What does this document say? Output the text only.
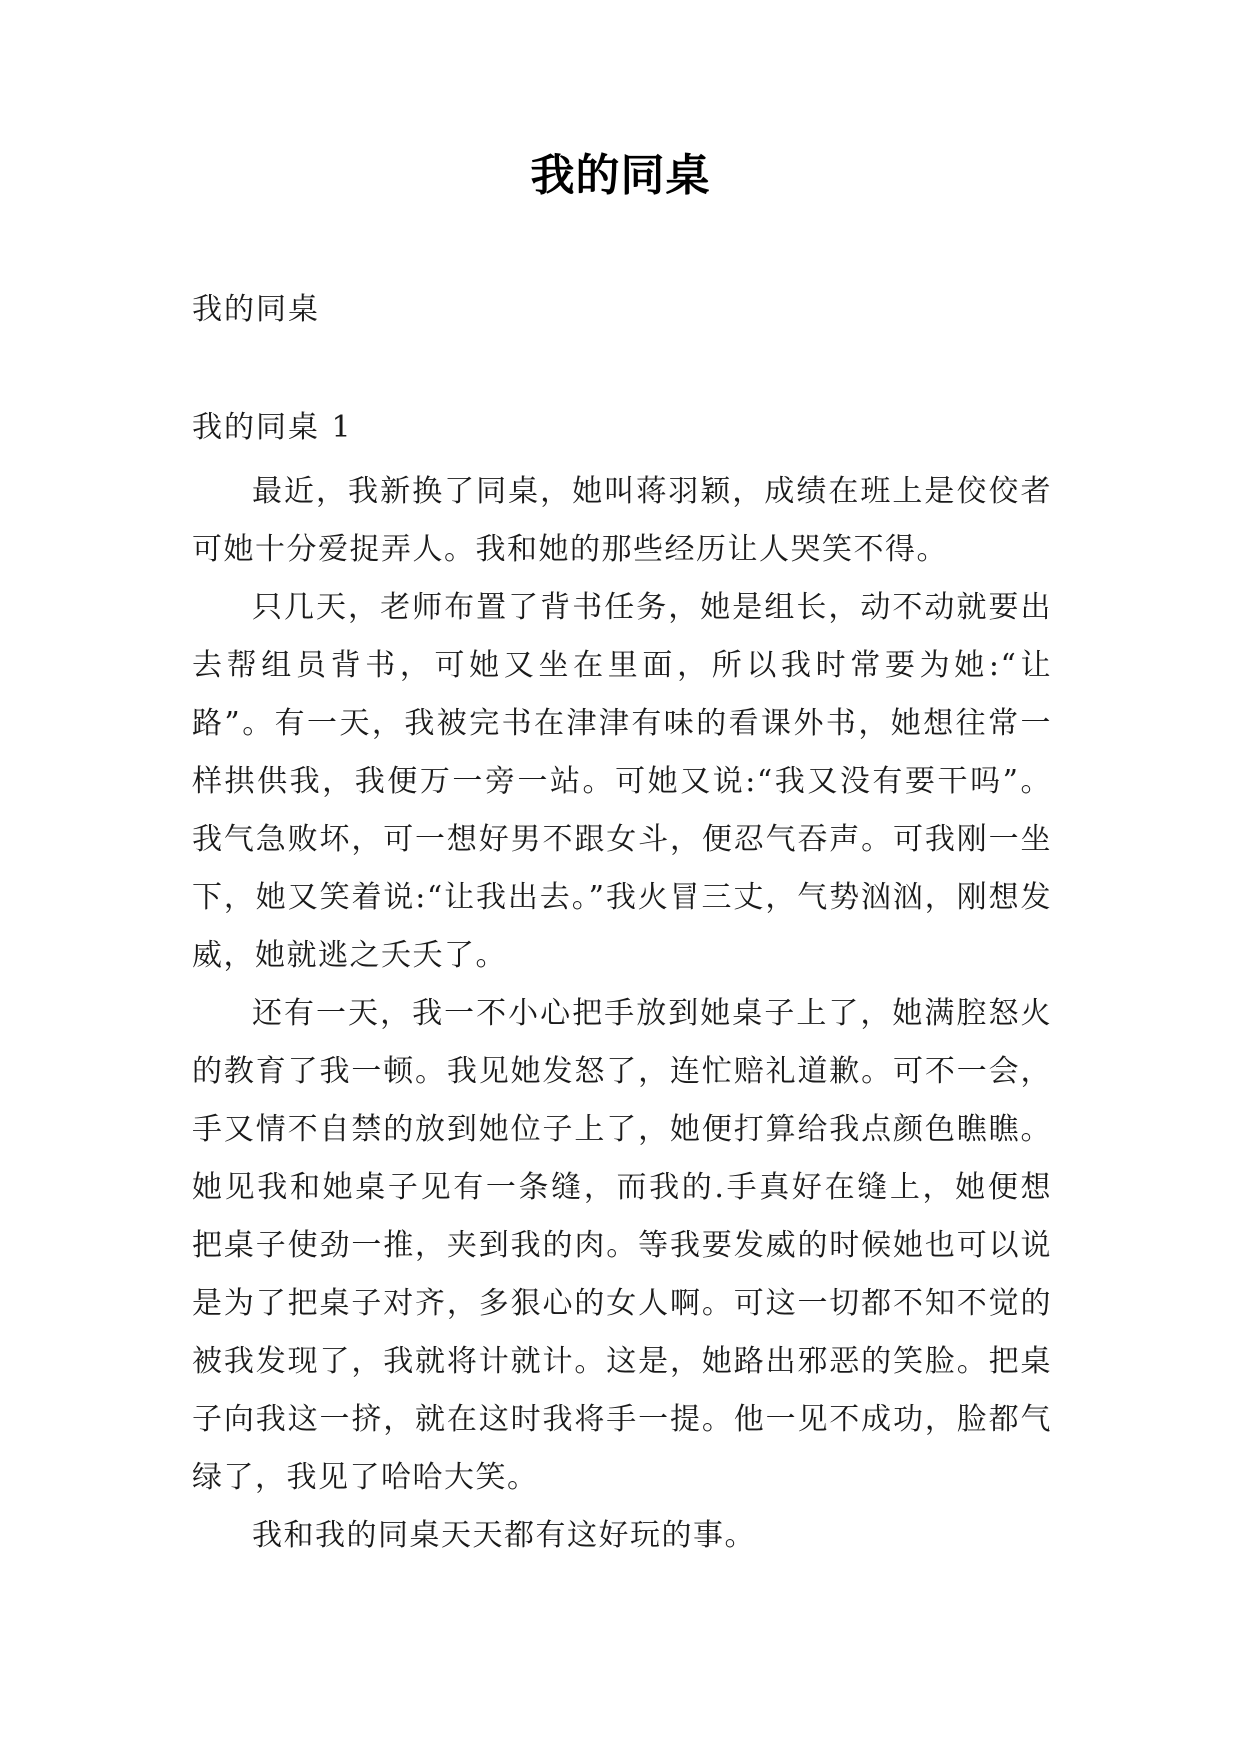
我的同桌

我的同桌

我的同桌 1

最近，我新换了同桌，她叫蒋羽颖，成绩在班上是佼佼者可她十分爱捉弄人。我和她的那些经历让人哭笑不得。

只几天，老师布置了背书任务，她是组长，动不动就要出去帮组员背书，可她又坐在里面，所以我时常要为她:“让路”。有一天，我被完书在津津有味的看课外书，她想往常一样拱供我，我便万一旁一站。可她又说:“我又没有要干吗”。我气急败坏，可一想好男不跟女斗，便忍气吞声。可我刚一坐下，她又笑着说:“让我出去。”我火冒三丈，气势汹汹，刚想发威，她就逃之夭夭了。

还有一天，我一不小心把手放到她桌子上了，她满腔怒火的教育了我一顿。我见她发怒了，连忙赔礼道歉。可不一会，手又情不自禁的放到她位子上了，她便打算给我点颜色瞧瞧。她见我和她桌子见有一条缝，而我的.手真好在缝上，她便想把桌子使劲一推，夹到我的肉。等我要发威的时候她也可以说是为了把桌子对齐，多狠心的女人啊。可这一切都不知不觉的被我发现了，我就将计就计。这是，她路出邪恶的笑脸。把桌子向我这一挤，就在这时我将手一提。他一见不成功，脸都气绿了，我见了哈哈大笑。

我和我的同桌天天都有这好玩的事。
